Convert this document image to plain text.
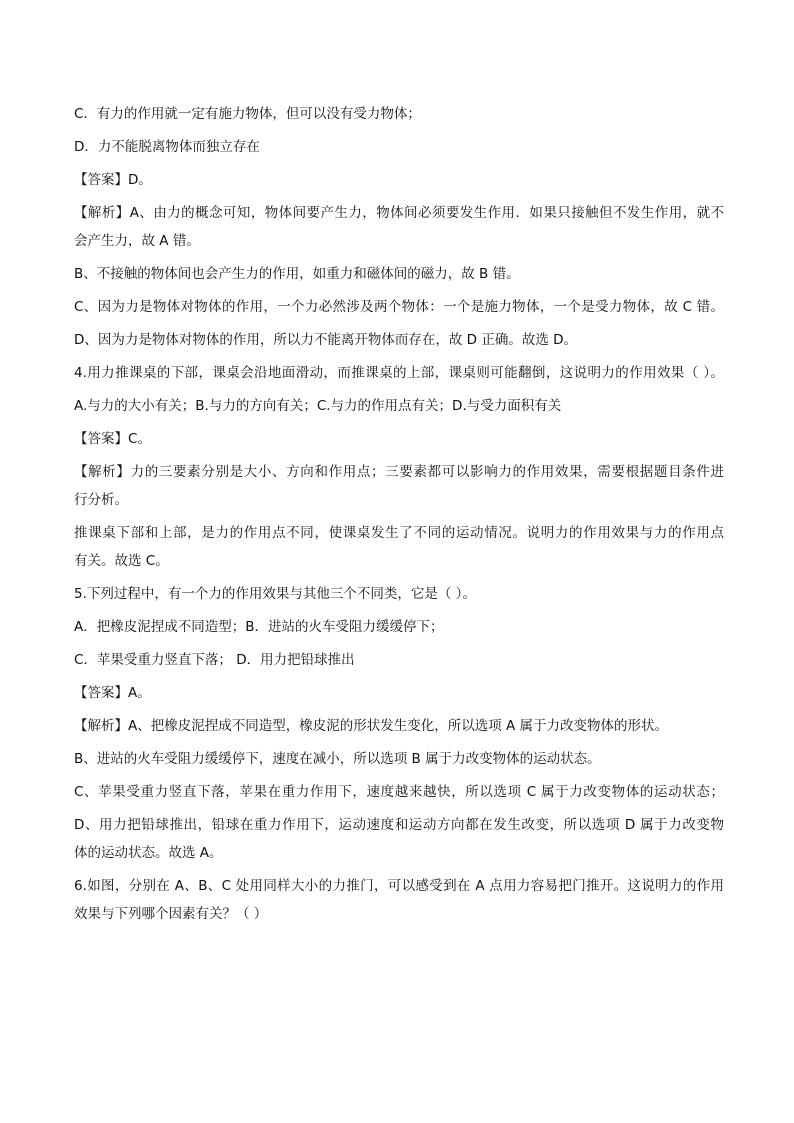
C．有力的作用就一定有施力物体，但可以没有受力物体；
D．力不能脱离物体而独立存在
【答案】D。
【解析】A、由力的概念可知，物体间要产生力，物体间必须要发生作用．如果只接触但不发生作用，就不
会产生力，故 A 错。
B、不接触的物体间也会产生力的作用，如重力和磁体间的磁力，故 B 错。
C、因为力是物体对物体的作用，一个力必然涉及两个物体：一个是施力物体，一个是受力物体，故 C 错。
D、因为力是物体对物体的作用，所以力不能离开物体而存在，故 D 正确。故选 D。
4.用力推课桌的下部，课桌会沿地面滑动，而推课桌的上部，课桌则可能翻倒，这说明力的作用效果（ ）。
A.与力的大小有关；B.与力的方向有关；C.与力的作用点有关；D.与受力面积有关
【答案】C。
【解析】力的三要素分别是大小、方向和作用点；三要素都可以影响力的作用效果，需要根据题目条件进
行分析。
推课桌下部和上部，是力的作用点不同，使课桌发生了不同的运动情况。说明力的作用效果与力的作用点
有关。故选 C。
5.下列过程中，有一个力的作用效果与其他三个不同类，它是（ ）。
A．把橡皮泥捏成不同造型；B．进站的火车受阻力缓缓停下；
C．苹果受重力竖直下落； D．用力把铅球推出
【答案】A。
【解析】A、把橡皮泥捏成不同造型，橡皮泥的形状发生变化，所以选项 A 属于力改变物体的形状。
B、进站的火车受阻力缓缓停下，速度在减小，所以选项 B 属于力改变物体的运动状态。
C、苹果受重力竖直下落，苹果在重力作用下，速度越来越快，所以选项 C 属于力改变物体的运动状态；
D、用力把铅球推出，铅球在重力作用下，运动速度和运动方向都在发生改变，所以选项 D 属于力改变物
体的运动状态。故选 A。
6.如图，分别在 A、B、C 处用同样大小的力推门，可以感受到在 A 点用力容易把门推开。这说明力的作用
效果与下列哪个因素有关？（ ）
